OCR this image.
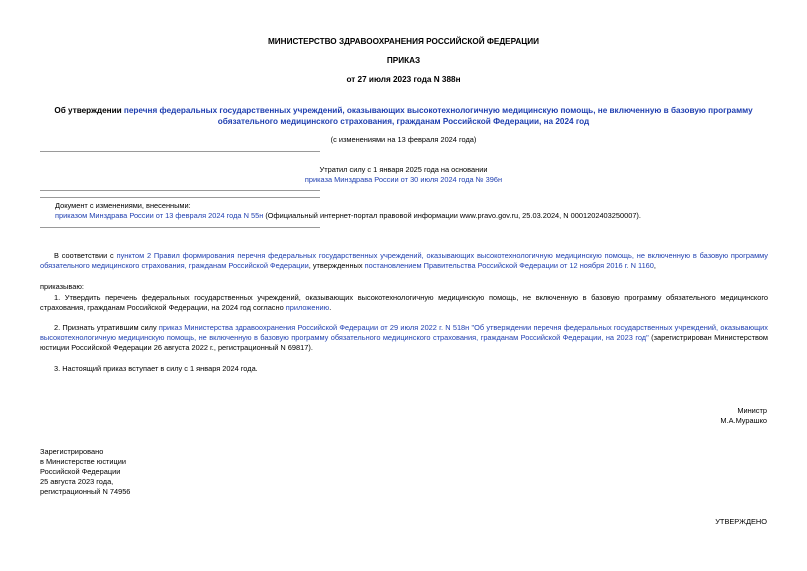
МИНИСТЕРСТВО ЗДРАВООХРАНЕНИЯ РОССИЙСКОЙ ФЕДЕРАЦИИ
ПРИКАЗ
от 27 июля 2023 года N 388н
Об утверждении перечня федеральных государственных учреждений, оказывающих высокотехнологичную медицинскую помощь, не включенную в базовую программу обязательного медицинского страхования, гражданам Российской Федерации, на 2024 год
(с изменениями на 13 февраля 2024 года)
Утратил силу с 1 января 2025 года на основании
приказа Минздрава России от 30 июля 2024 года № 396н
Документ с изменениями, внесенными:
приказом Минздрава России от 13 февраля 2024 года N 55н (Официальный интернет-портал правовой информации www.pravo.gov.ru, 25.03.2024, N 0001202403250007).

В соответствии с пунктом 2 Правил формирования перечня федеральных государственных учреждений, оказывающих высокотехнологичную медицинскую помощь, не включенную в базовую программу обязательного медицинского страхования, гражданам Российской Федерации, утвержденных постановлением Правительства Российской Федерации от 12 ноября 2016 г. N 1160,

приказываю:

1. Утвердить перечень федеральных государственных учреждений, оказывающих высокотехнологичную медицинскую помощь, не включенную в базовую программу обязательного медицинского страхования, гражданам Российской Федерации, на 2024 год согласно приложению.

2. Признать утратившим силу приказ Министерства здравоохранения Российской Федерации от 29 июля 2022 г. N 518н "Об утверждении перечня федеральных государственных учреждений, оказывающих высокотехнологичную медицинскую помощь, не включенную в базовую программу обязательного медицинского страхования, гражданам Российской Федерации, на 2023 год" (зарегистрирован Министерством юстиции Российской Федерации 26 августа 2022 г., регистрационный N 69817).

3. Настоящий приказ вступает в силу с 1 января 2024 года.
Министр
М.А.Мурашко
Зарегистрировано
в Министерстве юстиции
Российской Федерации
25 августа 2023 года,
регистрационный N 74956
УТВЕРЖДЕНО
